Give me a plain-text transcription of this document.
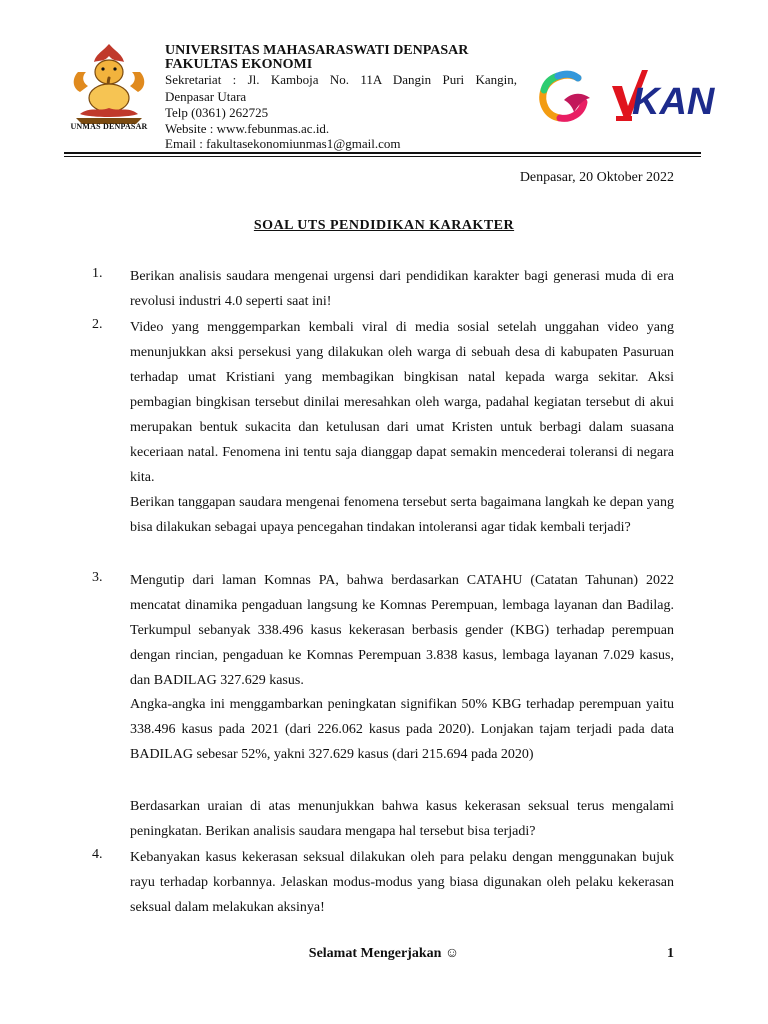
UNMAS DENPASAR
UNIVERSITAS MAHASARASWATI DENPASAR
FAKULTAS EKONOMI
Sekretariat : Jl. Kamboja No. 11A Dangin Puri Kangin,
Denpasar Utara
Telp (0361) 262725
Website : www.febunmas.ac.id.
Email : fakultasekonomiunmas1@gmail.com
KAN
Denpasar, 20 Oktober 2022
SOAL UTS PENDIDIKAN KARAKTER
1. Berikan analisis saudara mengenai urgensi dari pendidikan karakter bagi generasi muda di era revolusi industri 4.0 seperti saat ini!
2. Video yang menggemparkan kembali viral di media sosial setelah unggahan video yang menunjukkan aksi persekusi yang dilakukan oleh warga di sebuah desa di kabupaten Pasuruan terhadap umat Kristiani yang membagikan bingkisan natal kepada warga sekitar. Aksi pembagian bingkisan tersebut dinilai meresahkan oleh warga, padahal kegiatan tersebut di akui merupakan bentuk sukacita dan ketulusan dari umat Kristen untuk berbagi dalam suasana keceriaan natal. Fenomena ini tentu saja dianggap dapat semakin mencederai toleransi di negara kita.
Berikan tanggapan saudara mengenai fenomena tersebut serta bagaimana langkah ke depan yang bisa dilakukan sebagai upaya pencegahan tindakan intoleransi agar tidak kembali terjadi?
3. Mengutip dari laman Komnas PA, bahwa berdasarkan CATAHU (Catatan Tahunan) 2022 mencatat dinamika pengaduan langsung ke Komnas Perempuan, lembaga layanan dan Badilag. Terkumpul sebanyak 338.496 kasus kekerasan berbasis gender (KBG) terhadap perempuan dengan rincian, pengaduan ke Komnas Perempuan 3.838 kasus, lembaga layanan 7.029 kasus, dan BADILAG 327.629 kasus.
Angka-angka ini menggambarkan peningkatan signifikan 50% KBG terhadap perempuan yaitu 338.496 kasus pada 2021 (dari 226.062 kasus pada 2020). Lonjakan tajam terjadi pada data BADILAG sebesar 52%, yakni 327.629 kasus (dari 215.694 pada 2020)
Berdasarkan uraian di atas menunjukkan bahwa kasus kekerasan seksual terus mengalami peningkatan. Berikan analisis saudara mengapa hal tersebut bisa terjadi?
4. Kebanyakan kasus kekerasan seksual dilakukan oleh para pelaku dengan menggunakan bujuk rayu terhadap korbannya. Jelaskan modus-modus yang biasa digunakan oleh pelaku kekerasan seksual dalam melakukan aksinya!
Selamat Mengerjakan ☺	1
